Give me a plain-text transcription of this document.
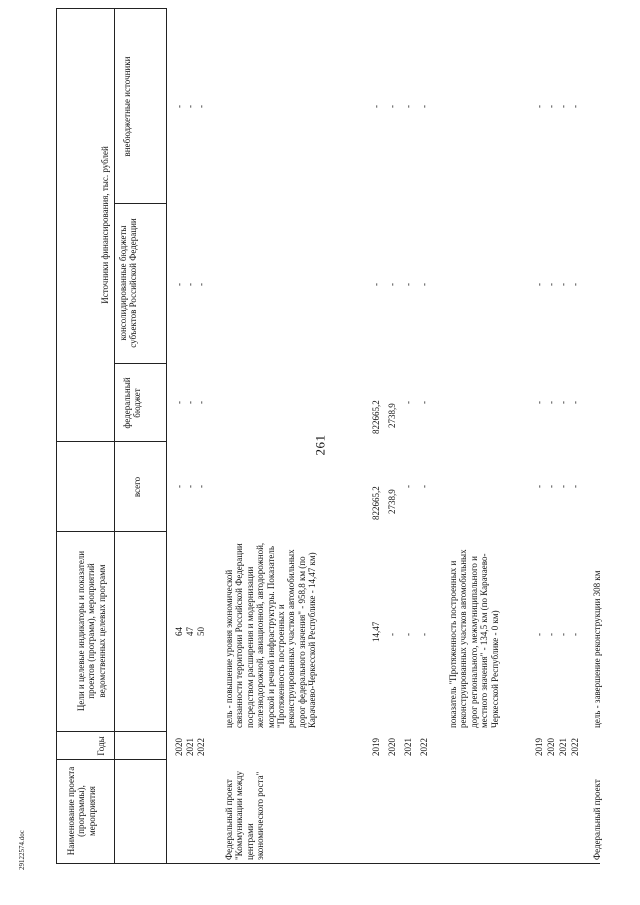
261
29122574.doc	Наименование проекта (программы), мероприятия
Годы
Цели и целевые индикаторы и показатели проектов (программ), мероприятий ведомственных целевых программ
Источники финансирования, тыс. рублей
всего
федеральный бюджет
консолидированные бюджеты субъектов Российской Федерации
внебюджетные источники
2020 2021 2022
64 47 50
- - -
- - -
- - -
- - -
Федеральный проект "Коммуникации между центрами экономического роста"
цель - повышение уровня экономической связанности территории Российской Федерации посредством расширения и модернизации железнодорожной, авиационной, автодорожной, морской и речной инфраструктуры. Показатель "Протяженность построенных и реконструированных участков автомобильных дорог федерального значения" - 958,8 км (по Карачаево-Черкесской Республике - 14,47 км)
2019 2020 2021 2022
14,47 - - -
822665,2 2738,9
- -
822665,2 2738,9
- -
- - - -
- - - -
показатель "Протяженность построенных и реконструированных участков автомобильных дорог регионального, межмуниципального и местного значения" - 134,5 км (по Карачаево-Черкесской Республике - 0 км)
2019 2020 2021 2022
- - - -
- - - -
- - - -
- - - -
- - - -
Федеральный проект
цель - завершение реконструкции 308 км
